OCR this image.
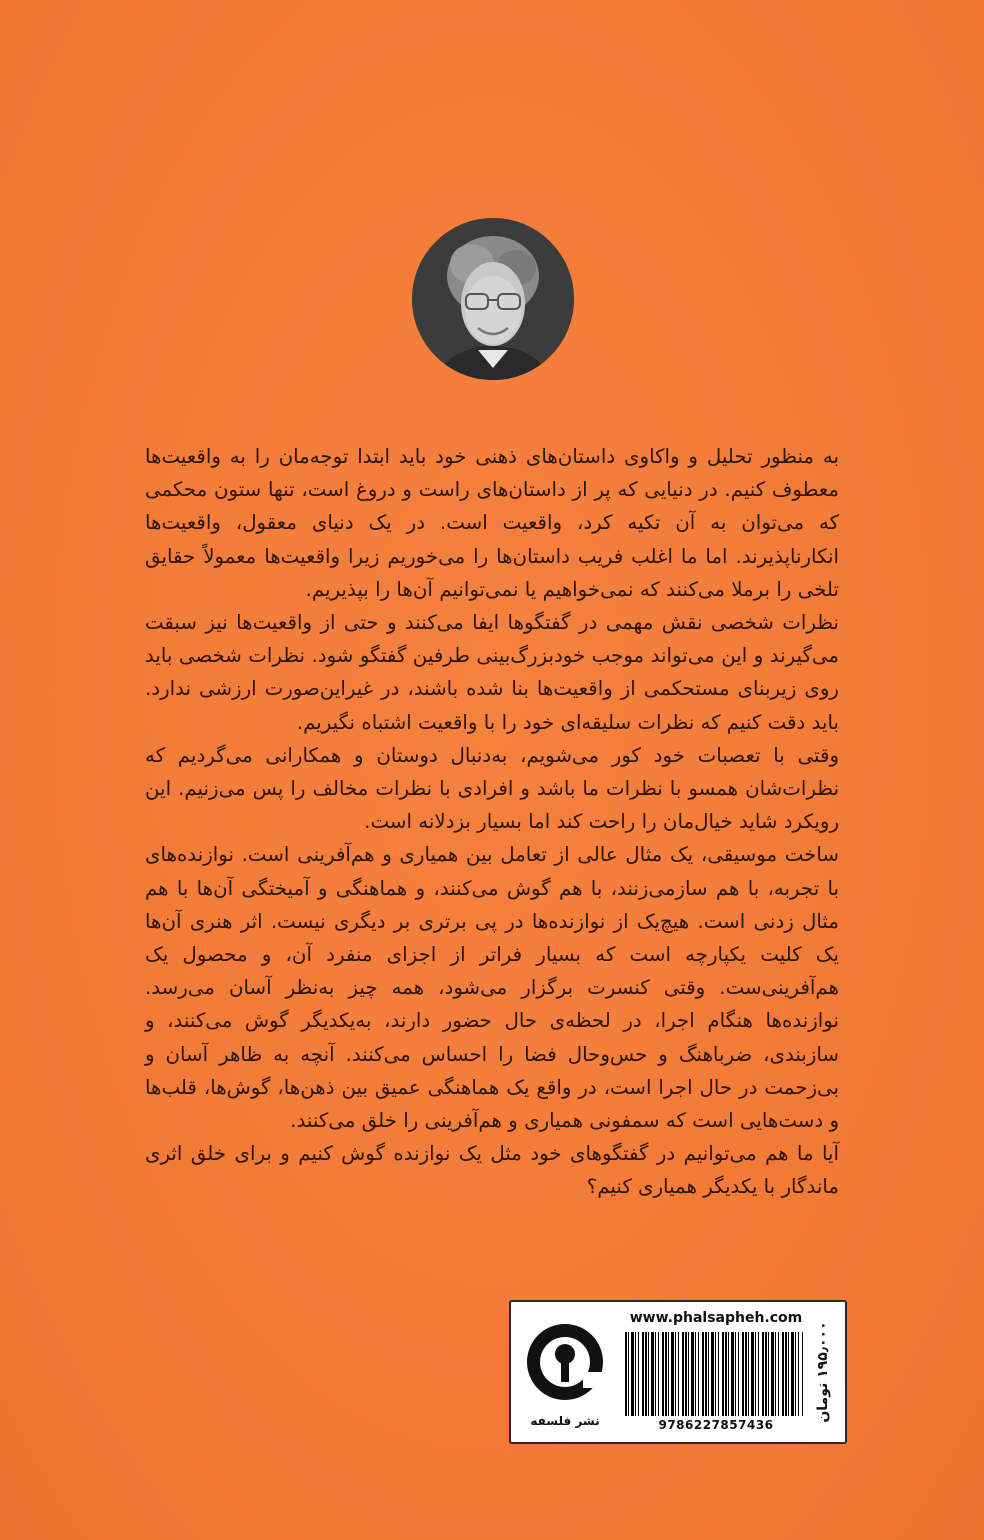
به منظور تحلیل و واکاوی داستان‌های ذهنی خود باید ابتدا توجه‌مان را به واقعیت‌ها معطوف کنیم. در دنیایی که پر از داستان‌های راست و دروغ است، تنها ستون محکمی که می‌توان به آن تکیه کرد، واقعیت است. در یک دنیای معقول، واقعیت‌ها انکارناپذیرند. اما ما اغلب فریب داستان‌ها را می‌خوریم زیرا واقعیت‌ها معمولاً حقایق تلخی را برملا می‌کنند که نمی‌خواهیم یا نمی‌توانیم آن‌ها را بپذیریم.

نظرات شخصی نقش مهمی در گفتگوها ایفا می‌کنند و حتی از واقعیت‌ها نیز سبقت می‌گیرند و این می‌تواند موجب خودبزرگ‌بینی طرفین گفتگو شود. نظرات شخصی باید روی زیربنای مستحکمی از واقعیت‌ها بنا شده باشند، در غیراین‌صورت ارزشی ندارد. باید دقت کنیم که نظرات سلیقه‌ای خود را با واقعیت اشتباه نگیریم.

وقتی با تعصبات خود کور می‌شویم، به‌دنبال دوستان و همکارانی می‌گردیم که نظرات‌شان همسو با نظرات ما باشد و افرادی با نظرات مخالف را پس می‌زنیم. این رویکرد شاید خیال‌مان را راحت کند اما بسیار بزدلانه است.

ساخت موسیقی، یک مثال عالی از تعامل بین همیاری و هم‌آفرینی است. نوازنده‌های با تجربه، با هم سازمی‌زنند، با هم گوش می‌کنند، و هماهنگی و آمیختگی آن‌ها با هم مثال زدنی است. هیچ‌یک از نوازنده‌ها در پی برتری بر دیگری نیست. اثر هنری آن‌ها یک کلیت یکپارچه است که بسیار فراتر از اجزای منفرد آن، و محصول یک هم‌آفرینی‌ست. وقتی کنسرت برگزار می‌شود، همه چیز به‌نظر آسان می‌رسد. نوازنده‌ها هنگام اجرا، در لحظه‌ی حال حضور دارند، به‌یکدیگر گوش می‌کنند، و سازبندی، ضرباهنگ و حس‌وحال فضا را احساس می‌کنند. آنچه به ظاهر آسان و بی‌زحمت در حال اجرا است، در واقع یک هماهنگی عمیق بین ذهن‌ها، گوش‌ها، قلب‌ها و دست‌هایی است که سمفونی همیاری و هم‌آفرینی را خلق می‌کنند.

آیا ما هم می‌توانیم در گفتگوهای خود مثل یک نوازنده گوش کنیم و برای خلق اثری ماندگار با یکدیگر همیاری کنیم؟

نشر فلسفه
www.phalsapheh.com
9786227857436
۱۹۵٫۰۰۰ تومان
